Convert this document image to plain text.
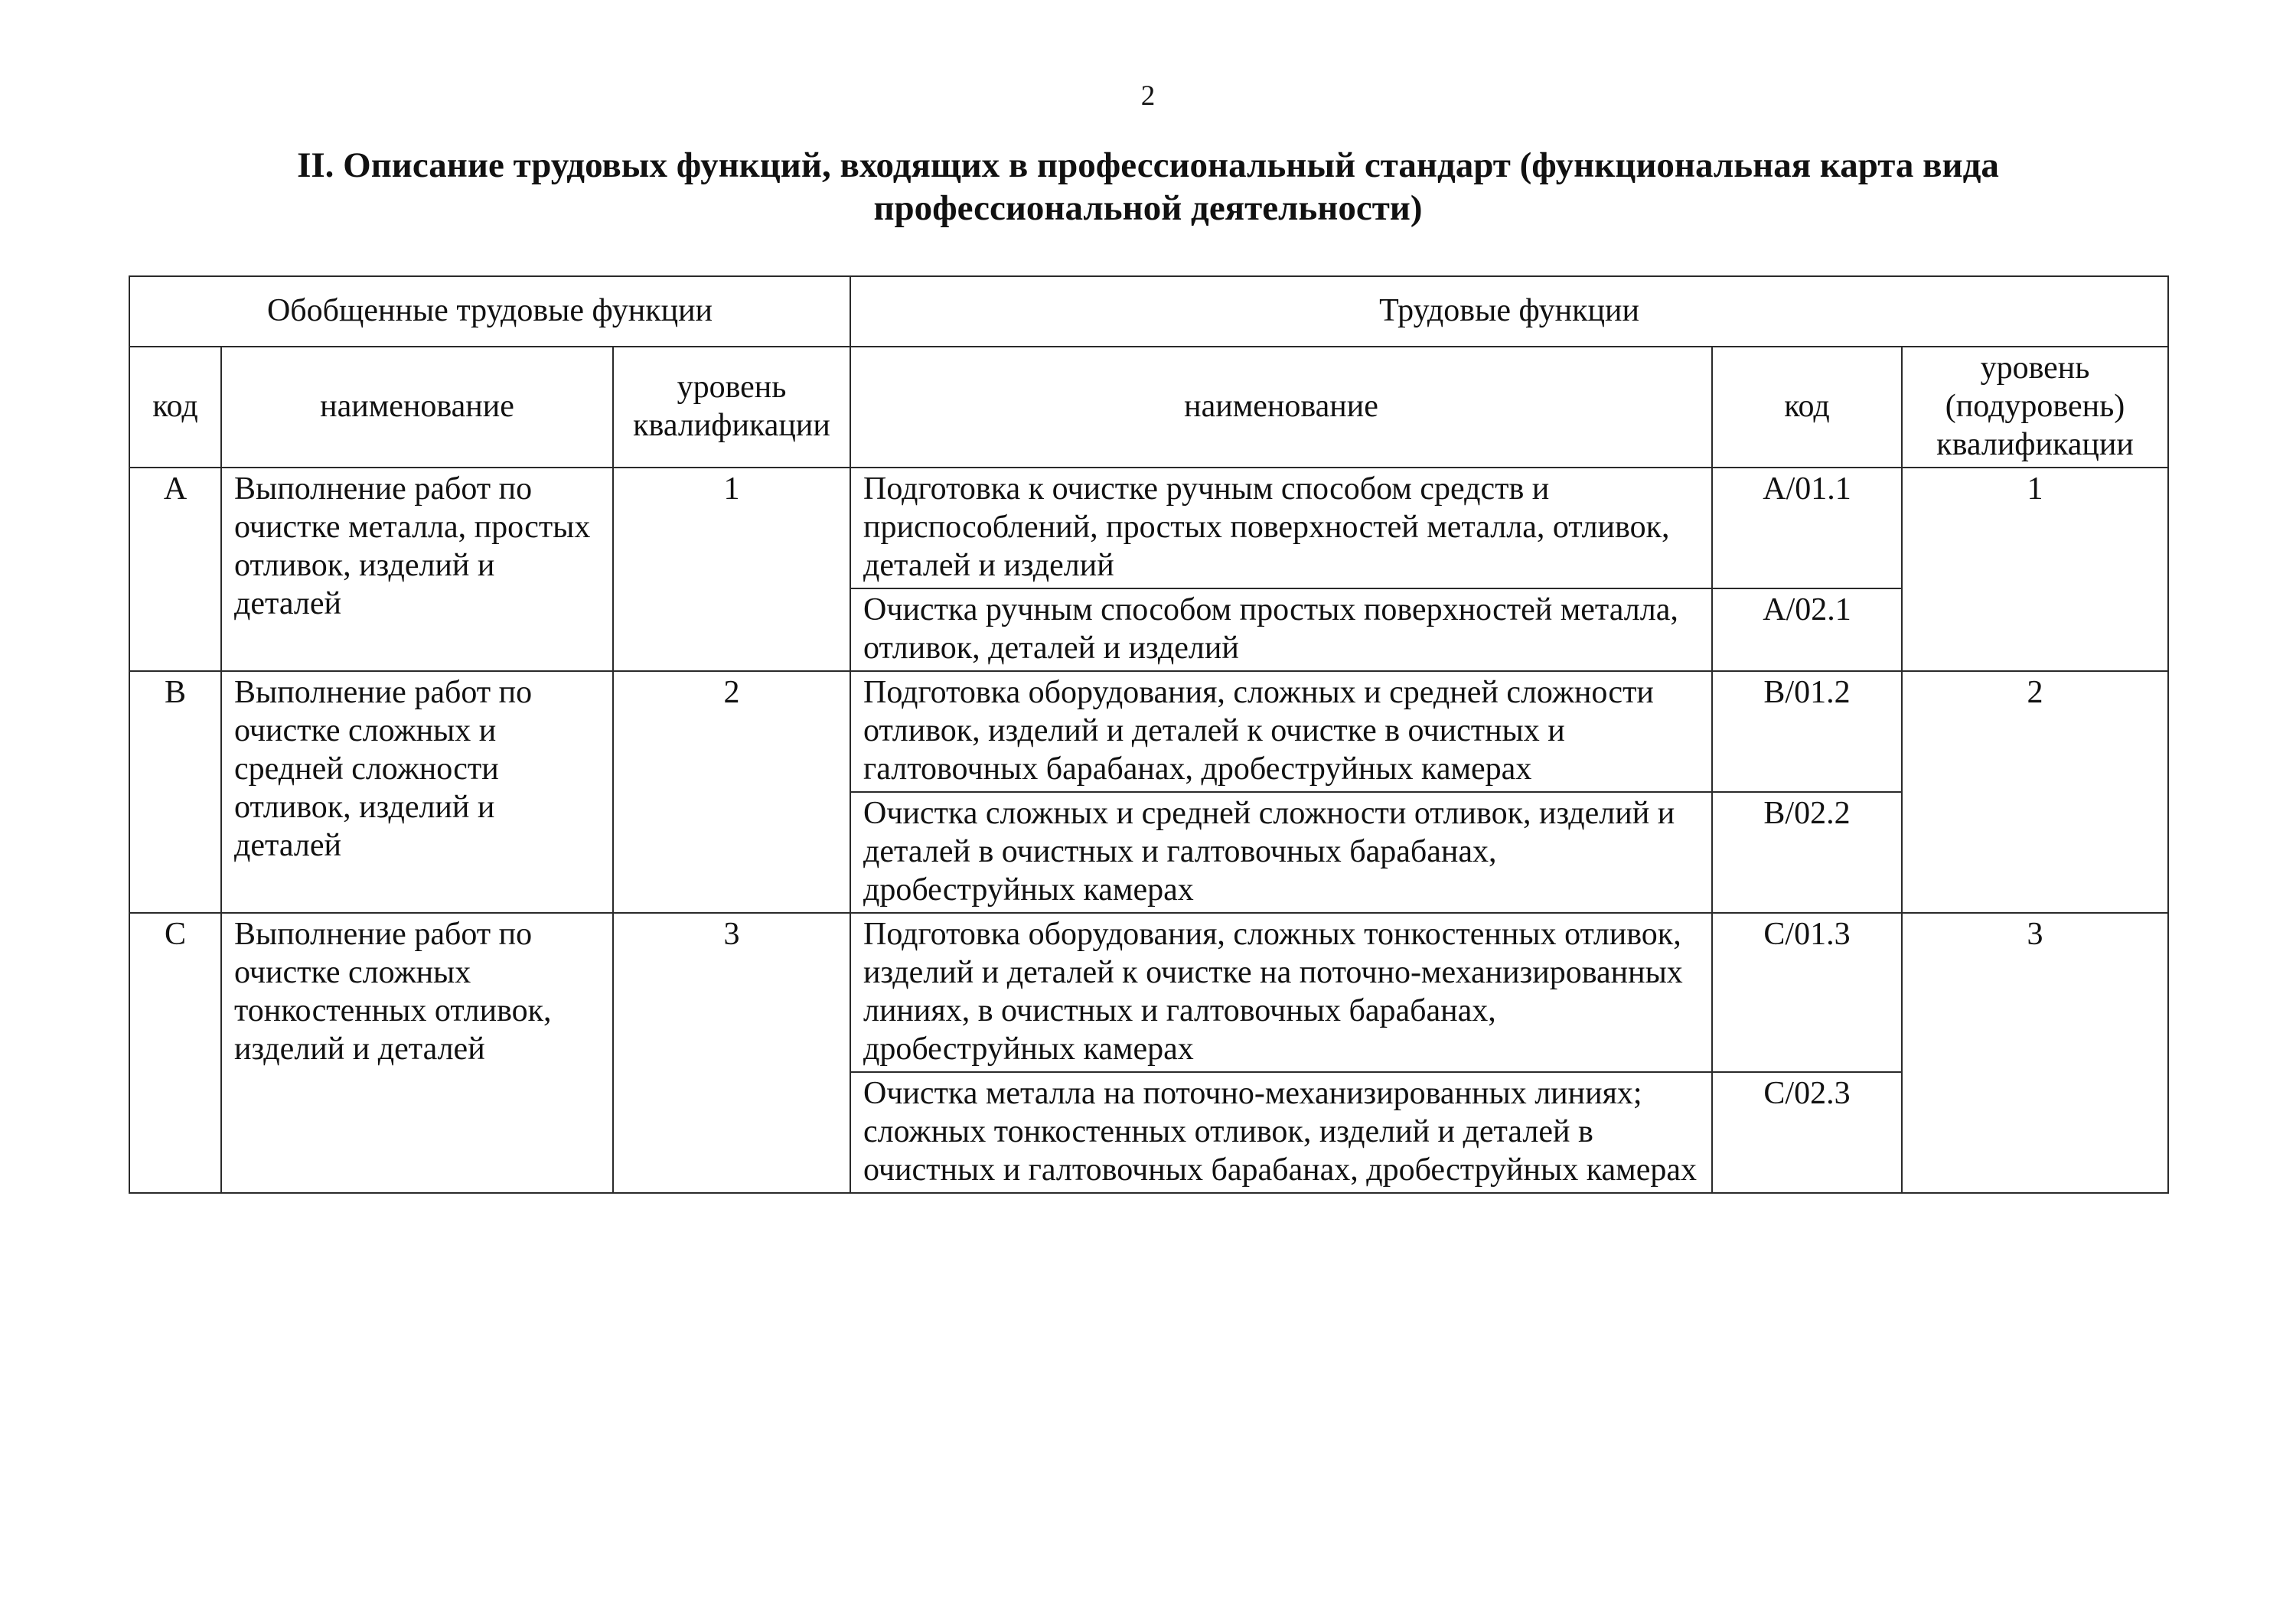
2
II. Описание трудовых функций, входящих в профессиональный стандарт (функциональная карта вида
профессиональной деятельности)
Обобщенные трудовые функции			Трудовые функции		
код	наименование	уровень квалификации	наименование	код	уровень (подуровень) квалификации
A	Выполнение работ по очистке металла, простых отливок, изделий и деталей	1	Подготовка к очистке ручным способом средств и приспособлений, простых поверхностей металла, отливок, деталей и изделий	A/01.1	1
			Очистка ручным способом простых поверхностей металла, отливок, деталей и изделий	A/02.1	
B	Выполнение работ по очистке сложных и средней сложности отливок, изделий и деталей	2	Подготовка оборудования, сложных и средней сложности отливок, изделий и деталей к очистке в очистных и галтовочных барабанах, дробеструйных камерах	B/01.2	2
			Очистка сложных и средней сложности отливок, изделий и деталей в очистных и галтовочных барабанах, дробеструйных камерах	B/02.2	
C	Выполнение работ по очистке сложных тонкостенных отливок, изделий и деталей	3	Подготовка оборудования, сложных тонкостенных отливок, изделий и деталей к очистке на поточно-механизированных линиях, в очистных и галтовочных барабанах, дробеструйных камерах	C/01.3	3
			Очистка металла на поточно-механизированных линиях; сложных тонкостенных отливок, изделий и деталей в очистных и галтовочных барабанах, дробеструйных камерах	C/02.3	
